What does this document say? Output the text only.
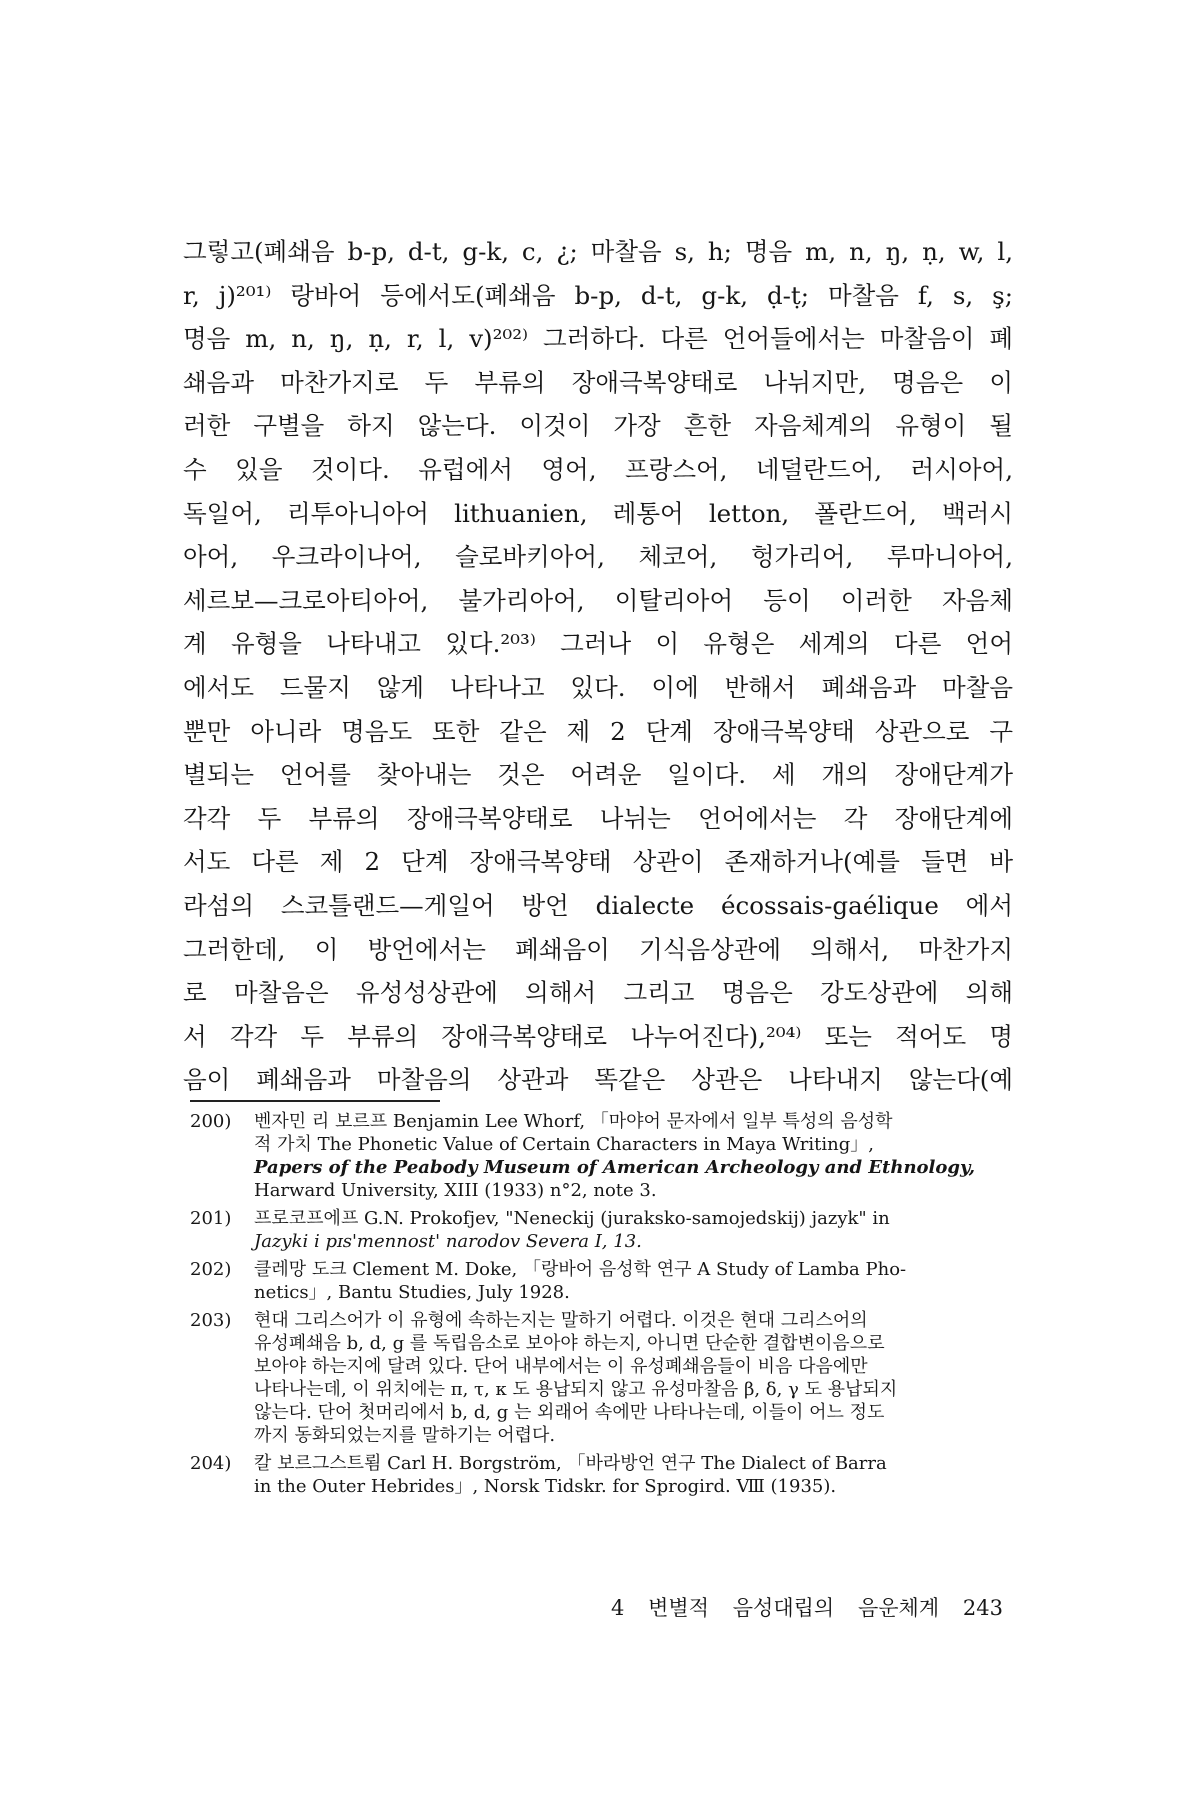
그렇고(폐쇄음 b-p, d-t, g-k, c, ¿; 마찰음 s, h; 명음 m, n, ŋ, ṇ, w, l,
r, j)²⁰¹⁾ 랑바어 등에서도(폐쇄음 b-p, d-t, g-k, ḍ-ṭ; 마찰음 f, s, ş;
명음 m, n, ŋ, ṇ, r, l, v)²⁰²⁾ 그러하다. 다른 언어들에서는 마찰음이 폐
쇄음과 마찬가지로 두 부류의 장애극복양태로 나뉘지만, 명음은 이
러한 구별을 하지 않는다. 이것이 가장 흔한 자음체계의 유형이 될
수 있을 것이다. 유럽에서 영어, 프랑스어, 네덜란드어, 러시아어,
독일어, 리투아니아어 lithuanien, 레통어 letton, 폴란드어, 백러시
아어, 우크라이나어, 슬로바키아어, 체코어, 헝가리어, 루마니아어,
세르보—크로아티아어, 불가리아어, 이탈리아어 등이 이러한 자음체
계 유형을 나타내고 있다.²⁰³⁾ 그러나 이 유형은 세계의 다른 언어
에서도 드물지 않게 나타나고 있다. 이에 반해서 폐쇄음과 마찰음
뿐만 아니라 명음도 또한 같은 제 2 단계 장애극복양태 상관으로 구
별되는 언어를 찾아내는 것은 어려운 일이다. 세 개의 장애단계가
각각 두 부류의 장애극복양태로 나뉘는 언어에서는 각 장애단계에
서도 다른 제 2 단계 장애극복양태 상관이 존재하거나(예를 들면 바
라섬의 스코틀랜드—게일어 방언 dialecte écossais-gaélique 에서
그러한데, 이 방언에서는 폐쇄음이 기식음상관에 의해서, 마찬가지
로 마찰음은 유성성상관에 의해서 그리고 명음은 강도상관에 의해
서 각각 두 부류의 장애극복양태로 나누어진다),²⁰⁴⁾ 또는 적어도 명
음이 폐쇄음과 마찰음의 상관과 똑같은 상관은 나타내지 않는다(예
200) 벤자민 리 보르프 Benjamin Lee Whorf, 「마야어 문자에서 일부 특성의 음성학
적 가치 The Phonetic Value of Certain Characters in Maya Writing」,
Papers of the Peabody Museum of American Archeology and Ethnology,
Harward University, XIII (1933) n°2, note 3.
201) 프로코프에프 G.N. Prokofjev, "Neneckij (juraksko-samojedskij) jazyk" in
Jazyki i pɪs'mennost' narodov Severa Ⅰ, 13.
202) 클레망 도크 Clement M. Doke, 「랑바어 음성학 연구 A Study of Lamba Pho-
netics」, Bantu Studies, July 1928.
203) 현대 그리스어가 이 유형에 속하는지는 말하기 어렵다. 이것은 현대 그리스어의
유성폐쇄음 b, d, g 를 독립음소로 보아야 하는지, 아니면 단순한 결합변이음으로
보아야 하는지에 달려 있다. 단어 내부에서는 이 유성폐쇄음들이 비음 다음에만
나타나는데, 이 위치에는 π, τ, κ 도 용납되지 않고 유성마찰음 β, δ, γ 도 용납되지
않는다. 단어 첫머리에서 b, d, g 는 외래어 속에만 나타나는데, 이들이 어느 정도
까지 동화되었는지를 말하기는 어렵다.
204) 칼 보르그스트룀 Carl H. Borgström, 「바라방언 연구 The Dialect of Barra
in the Outer Hebrides」, Norsk Tidskr. for Sprogird. Ⅷ (1935).
4 변별적 음성대립의 음운체계 243
